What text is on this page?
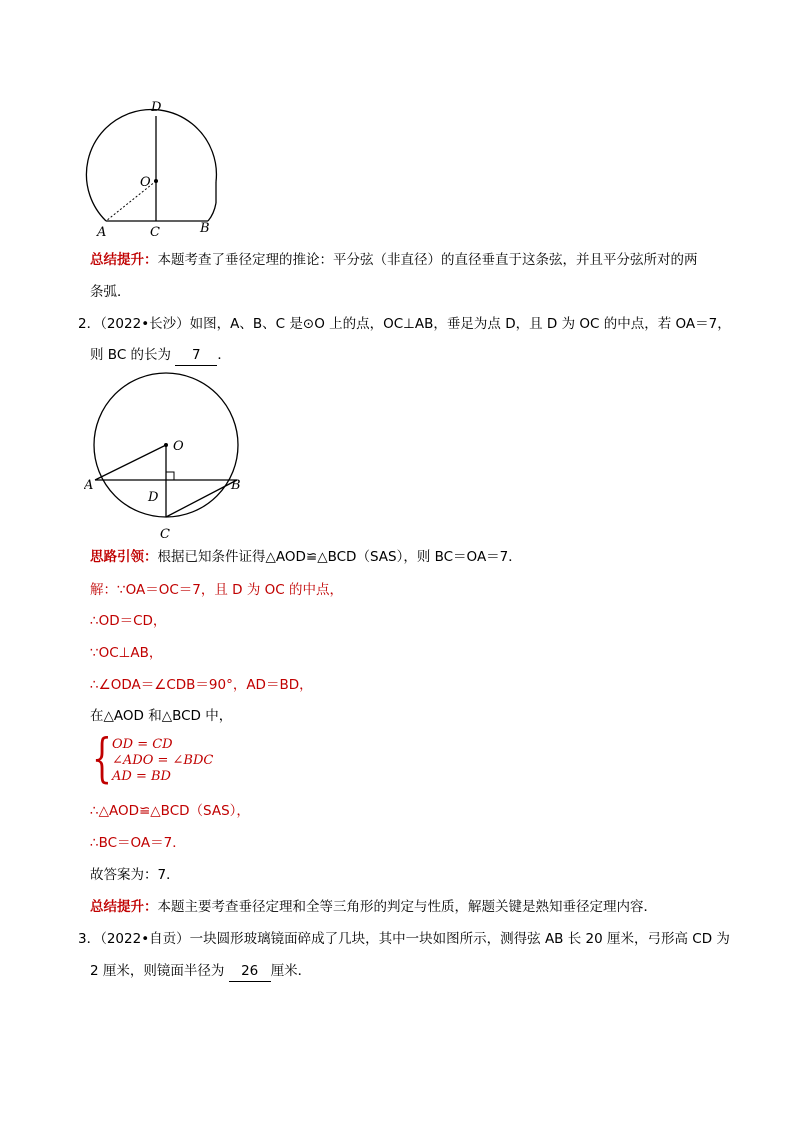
D
O
A	C	B
总结提升：本题考查了垂径定理的推论：平分弦（非直径）的直径垂直于这条弦，并且平分弦所对的两
条弧．
2．（2022•长沙）如图，A、B、C 是⊙O 上的点，OC⊥AB，垂足为点 D，且 D 为 OC 的中点，若 OA＝7，
则 BC 的长为 7 ．
O
A	B
D
C
思路引领：根据已知条件证得△AOD≌△BCD（SAS），则 BC＝OA＝7．
解：∵OA＝OC＝7，且 D 为 OC 的中点，
∴OD＝CD，
∵OC⊥AB，
∴∠ODA＝∠CDB＝90°，AD＝BD，
在△AOD 和△BCD 中，
{ OD = CD
∠ADO = ∠BDC
AD = BD
∴△AOD≌△BCD（SAS），
∴BC＝OA＝7．
故答案为：7．
总结提升：本题主要考查垂径定理和全等三角形的判定与性质，解题关键是熟知垂径定理内容．
3．（2022•自贡）一块圆形玻璃镜面碎成了几块，其中一块如图所示，测得弦 AB 长 20 厘米，弓形高 CD 为
2 厘米，则镜面半径为 26 厘米．
